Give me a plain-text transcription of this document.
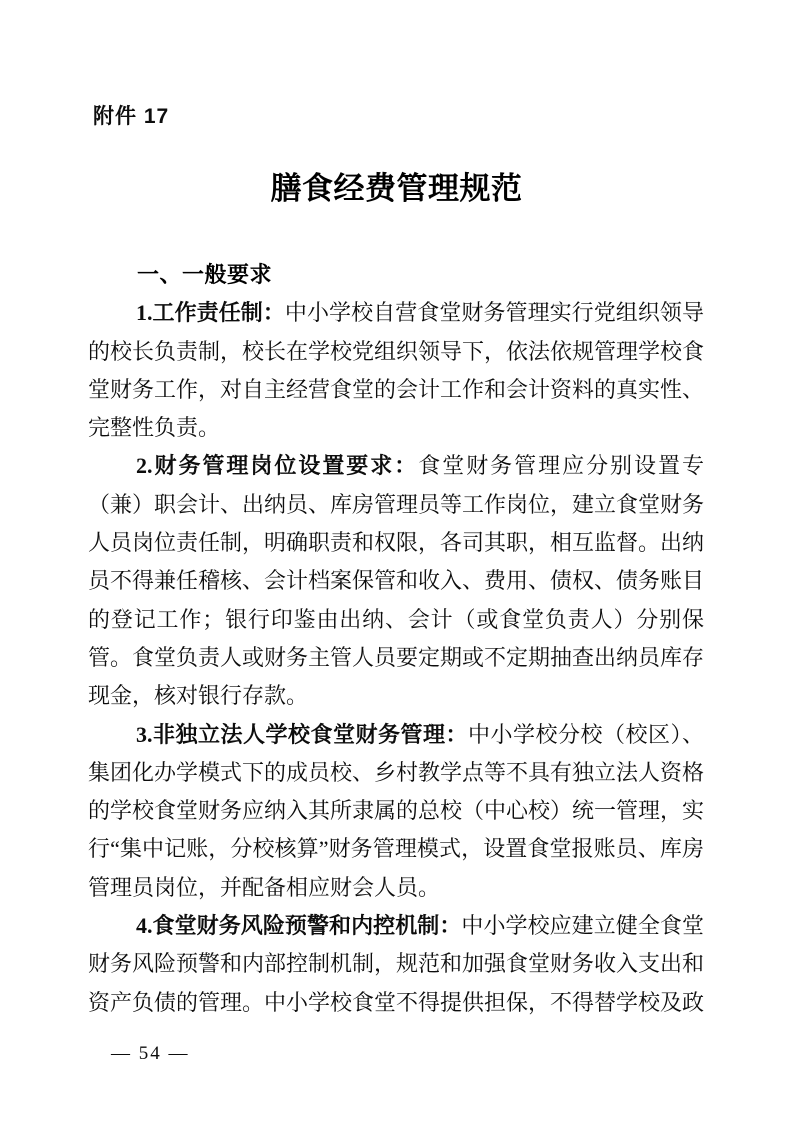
附件 17
膳食经费管理规范
一、一般要求

1.工作责任制：中小学校自营食堂财务管理实行党组织领导的校长负责制，校长在学校党组织领导下，依法依规管理学校食堂财务工作，对自主经营食堂的会计工作和会计资料的真实性、完整性负责。

2.财务管理岗位设置要求：食堂财务管理应分别设置专（兼）职会计、出纳员、库房管理员等工作岗位，建立食堂财务人员岗位责任制，明确职责和权限，各司其职，相互监督。出纳员不得兼任稽核、会计档案保管和收入、费用、债权、债务账目的登记工作；银行印鉴由出纳、会计（或食堂负责人）分别保管。食堂负责人或财务主管人员要定期或不定期抽查出纳员库存现金，核对银行存款。

3.非独立法人学校食堂财务管理：中小学校分校（校区）、集团化办学模式下的成员校、乡村教学点等不具有独立法人资格的学校食堂财务应纳入其所隶属的总校（中心校）统一管理，实行“集中记账，分校核算”财务管理模式，设置食堂报账员、库房管理员岗位，并配备相应财会人员。

4.食堂财务风险预警和内控机制：中小学校应建立健全食堂财务风险预警和内部控制机制，规范和加强食堂财务收入支出和资产负债的管理。中小学校食堂不得提供担保，不得替学校及政

— 54 —
